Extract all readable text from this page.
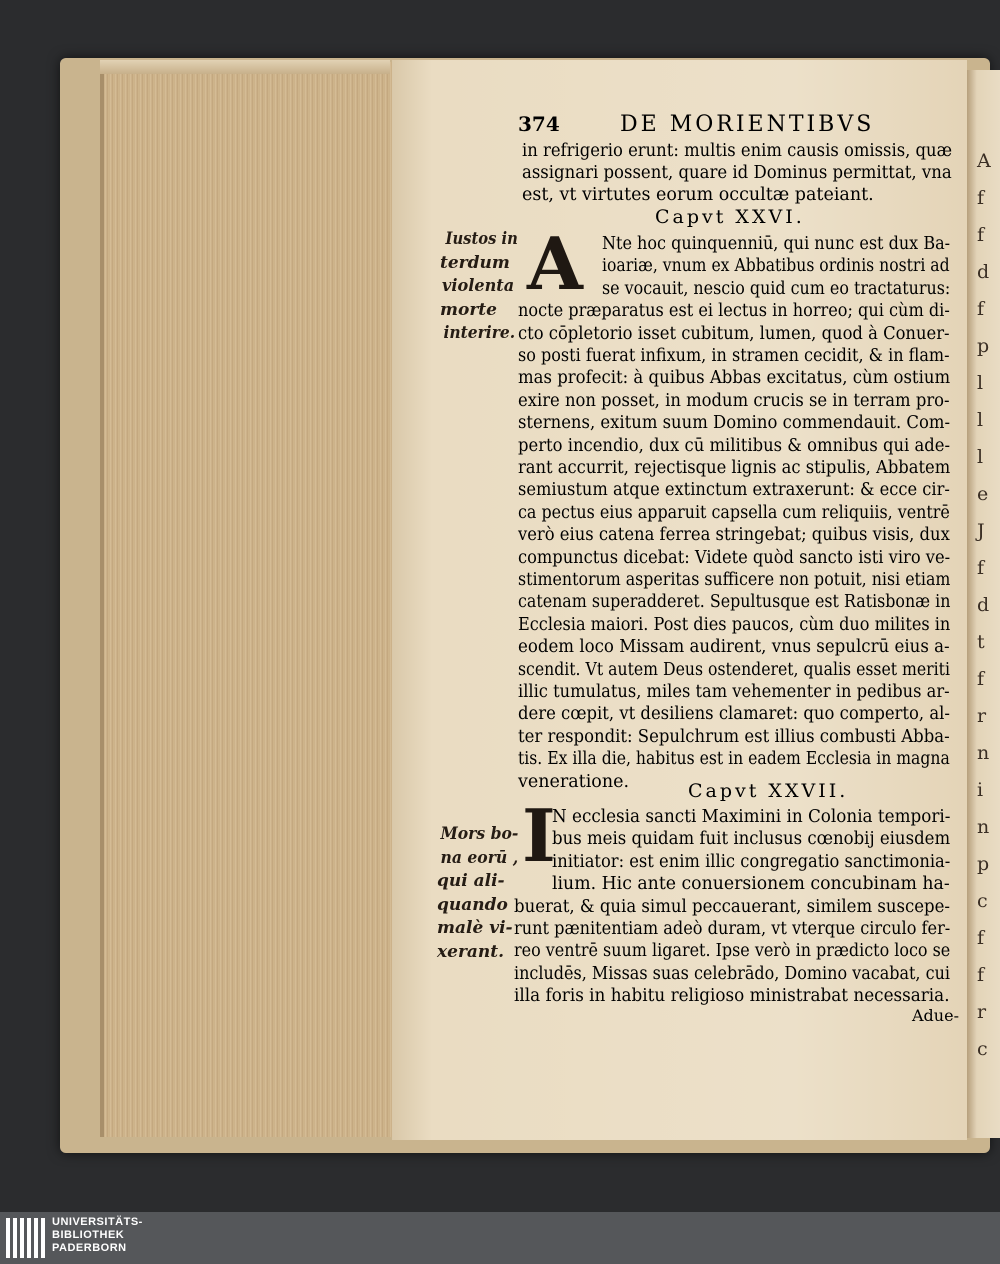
A
f
f
d
f
p
l
l
l
e
J
f
d
t
f
r
n
i
n
p
c
f
f
r
c
374	DE MORIENTIBVS
in refrigerio erunt: multis enim causis omissis, quæ
assignari possent, quare id Dominus permittat, vna
est, vt virtutes eorum occultæ pateiant.
Capvt XXVI.
A Nte hoc quinquenniū, qui nunc est dux Ba-
ioariæ, vnum ex Abbatibus ordinis nostri ad
se vocauit, nescio quid cum eo tractaturus:
nocte præparatus est ei lectus in horreo; qui cùm di-
cto cōpletorio isset cubitum, lumen, quod à Conuer-
so posti fuerat infixum, in stramen cecidit, & in flam-
mas profecit: à quibus Abbas excitatus, cùm ostium
exire non posset, in modum crucis se in terram pro-
sternens, exitum suum Domino commendauit. Com-
perto incendio, dux cū militibus & omnibus qui ade-
rant accurrit, rejectisque lignis ac stipulis, Abbatem
semiustum atque extinctum extraxerunt: & ecce cir-
ca pectus eius apparuit capsella cum reliquiis, ventrē
verò eius catena ferrea stringebat; quibus visis, dux
compunctus dicebat: Videte quòd sancto isti viro ve-
stimentorum asperitas sufficere non potuit, nisi etiam
catenam superadderet. Sepultusque est Ratisbonæ in
Ecclesia maiori. Post dies paucos, cùm duo milites in
eodem loco Missam audirent, vnus sepulcrū eius a-
scendit. Vt autem Deus ostenderet, qualis esset meriti
illic tumulatus, miles tam vehementer in pedibus ar-
dere cœpit, vt desiliens clamaret: quo comperto, al-
ter respondit: Sepulchrum est illius combusti Abba-
tis. Ex illa die, habitus est in eadem Ecclesia in magna
veneratione.	Capvt XXVII.
I
N ecclesia sancti Maximini in Colonia tempori-
bus meis quidam fuit inclusus cœnobij eiusdem
initiator: est enim illic congregatio sanctimonia-
lium. Hic ante conuersionem concubinam ha-
buerat, & quia simul peccauerant, similem suscepe-
runt pænitentiam adeò duram, vt vterque circulo fer-
reo ventrē suum ligaret. Ipse verò in prædicto loco se
includēs, Missas suas celebrādo, Domino vacabat, cui
illa foris in habitu religioso ministrabat necessaria.
Adue-
Iustos in
terdum
violenta
morte
interire.
Mors bo-
na eorū ,
qui ali-
quando
malè vi-
xerant.
UNIVERSITÄTS-
BIBLIOTHEK
PADERBORN
